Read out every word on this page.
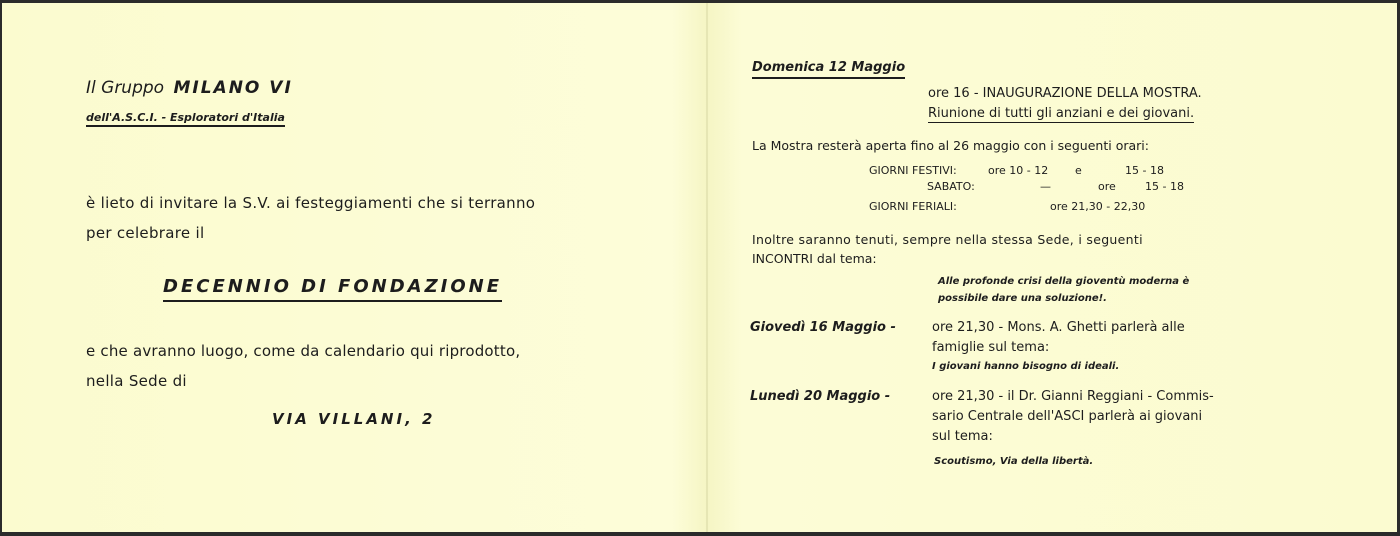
Il Gruppo MILANO VI
dell'A.S.C.I. - Esploratori d'Italia
è lieto di invitare la S.V. ai festeggiamenti che si terranno
per celebrare il
DECENNIO DI FONDAZIONE
e che avranno luogo, come da calendario qui riprodotto,
nella Sede di
VIA VILLANI, 2
Domenica 12 Maggio
ore 16 - INAUGURAZIONE DELLA MOSTRA.
Riunione di tutti gli anziani e dei giovani.
La Mostra resterà aperta fino al 26 maggio con i seguenti orari:
GIORNI FESTIVI:	ore 10 - 12 e	15 - 18
SABATO:	—	ore	15 - 18
GIORNI FERIALI:	ore 21,30 - 22,30
Inoltre saranno tenuti, sempre nella stessa Sede, i seguenti
INCONTRI dal tema:
Alle profonde crisi della gioventù moderna è
possibile dare una soluzione!.
Giovedì 16 Maggio -	ore 21,30 - Mons. A. Ghetti parlerà alle
famiglie sul tema:
I giovani hanno bisogno di ideali.
Lunedì 20 Maggio -	ore 21,30 - il Dr. Gianni Reggiani - Commis-
sario Centrale dell'ASCI parlerà ai giovani
sul tema:
Scoutismo, Via della libertà.
